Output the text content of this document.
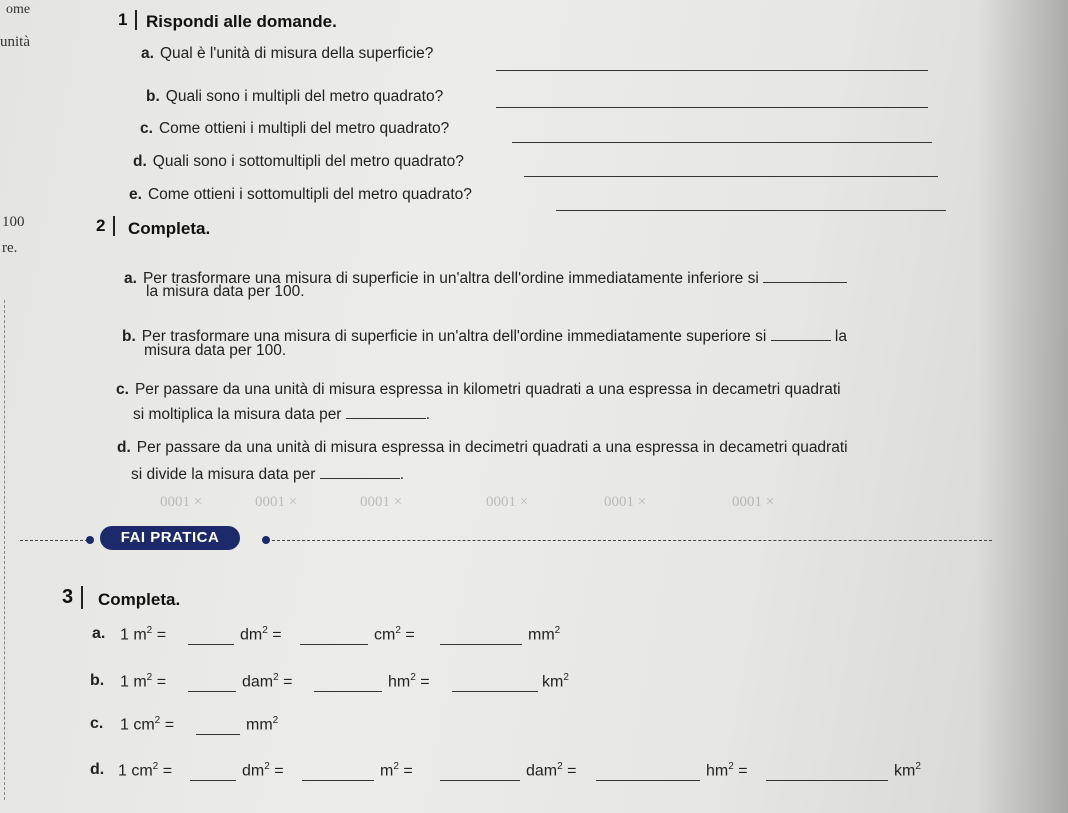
ome
unità
100
re.
1	Rispondi alle domande.
a. Qual è l'unità di misura della superficie?
b. Quali sono i multipli del metro quadrato?
c. Come ottieni i multipli del metro quadrato?
d. Quali sono i sottomultipli del metro quadrato?
e. Come ottieni i sottomultipli del metro quadrato?
2	Completa.
a. Per trasformare una misura di superficie in un'altra dell'ordine immediatamente inferiore si
la misura data per 100.
b. Per trasformare una misura di superficie in un'altra dell'ordine immediatamente superiore si	la
misura data per 100.
c. Per passare da una unità di misura espressa in kilometri quadrati a una espressa in decametri quadrati
si moltiplica la misura data per	.
d. Per passare da una unità di misura espressa in decimetri quadrati a una espressa in decametri quadrati
si divide la misura data per	.
0001 ×	0001 ×	0001 ×	0001 ×	0001 ×	0001 ×
FAI PRATICA
3	Completa.
a. 1 $m^2$ =	$dm^2$ =	$cm^2$ =	$mm^2$
b. 1 $m^2$ =	dam$^2$ =	$hm^2$ =	$km^2$
c. 1 $cm^2$ =	$mm^2$
d. 1 $cm^2$ =	$dm^2$ =	$m^2$ =	dam$^2$ =	$hm^2$ =	$km^2$
